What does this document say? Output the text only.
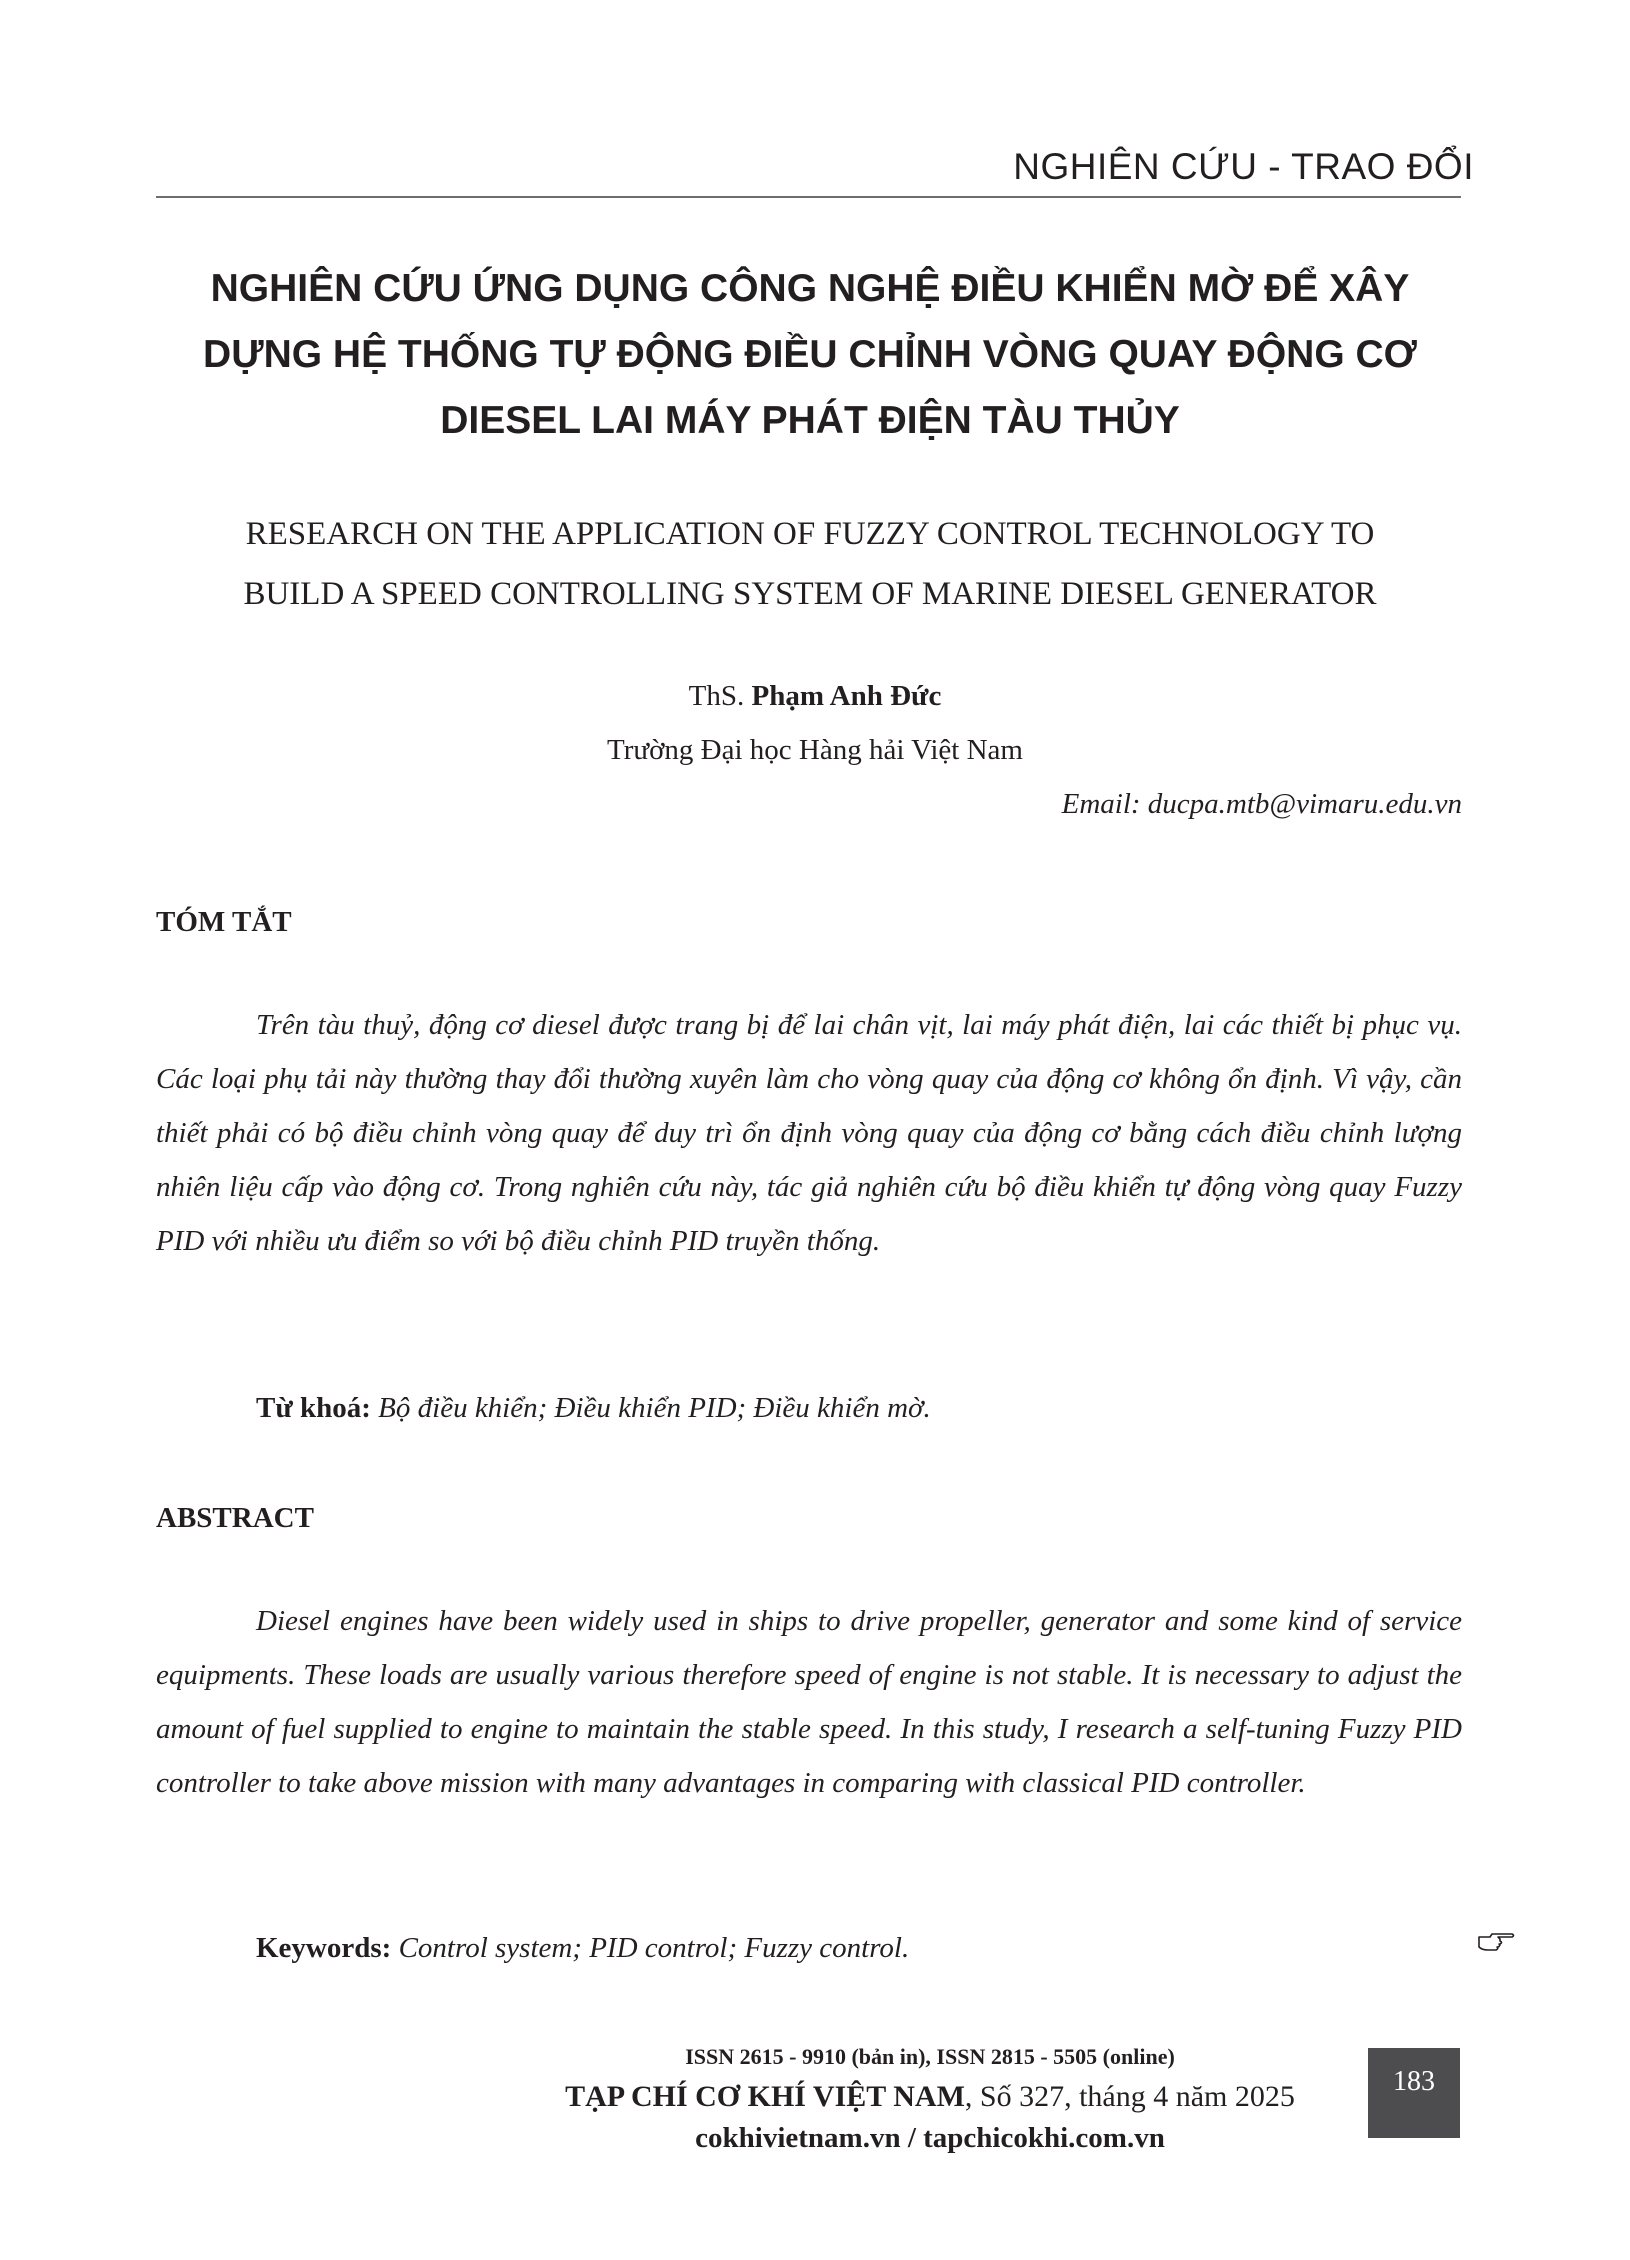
NGHIÊN CỨU - TRAO ĐỔI
NGHIÊN CỨU ỨNG DỤNG CÔNG NGHỆ ĐIỀU KHIỂN MỜ ĐỂ XÂY
DỰNG HỆ THỐNG TỰ ĐỘNG ĐIỀU CHỈNH VÒNG QUAY ĐỘNG CƠ
DIESEL LAI MÁY PHÁT ĐIỆN TÀU THỦY
RESEARCH ON THE APPLICATION OF FUZZY CONTROL TECHNOLOGY TO
BUILD A SPEED CONTROLLING SYSTEM OF MARINE DIESEL GENERATOR
ThS. Phạm Anh Đức
Trường Đại học Hàng hải Việt Nam
Email: ducpa.mtb@vimaru.edu.vn
TÓM TẮT

Trên tàu thuỷ, động cơ diesel được trang bị để lai chân vịt, lai máy phát điện, lai các thiết bị phục vụ. Các loại phụ tải này thường thay đổi thường xuyên làm cho vòng quay của động cơ không ổn định. Vì vậy, cần thiết phải có bộ điều chỉnh vòng quay để duy trì ổn định vòng quay của động cơ bằng cách điều chỉnh lượng nhiên liệu cấp vào động cơ. Trong nghiên cứu này, tác giả nghiên cứu bộ điều khiển tự động vòng quay Fuzzy PID với nhiều ưu điểm so với bộ điều chỉnh PID truyền thống.

Từ khoá: Bộ điều khiển; Điều khiển PID; Điều khiển mờ.
ABSTRACT

Diesel engines have been widely used in ships to drive propeller, generator and some kind of service equipments. These loads are usually various therefore speed of engine is not stable. It is necessary to adjust the amount of fuel supplied to engine to maintain the stable speed. In this study, I research a self-tuning Fuzzy PID controller to take above mission with many advantages in comparing with classical PID controller.

Keywords: Control system; PID control; Fuzzy control.
ISSN 2615 - 9910 (bản in), ISSN 2815 - 5505 (online)
TẠP CHÍ CƠ KHÍ VIỆT NAM, Số 327, tháng 4 năm 2025
cokhivietnam.vn / tapchicokhi.com.vn
183
